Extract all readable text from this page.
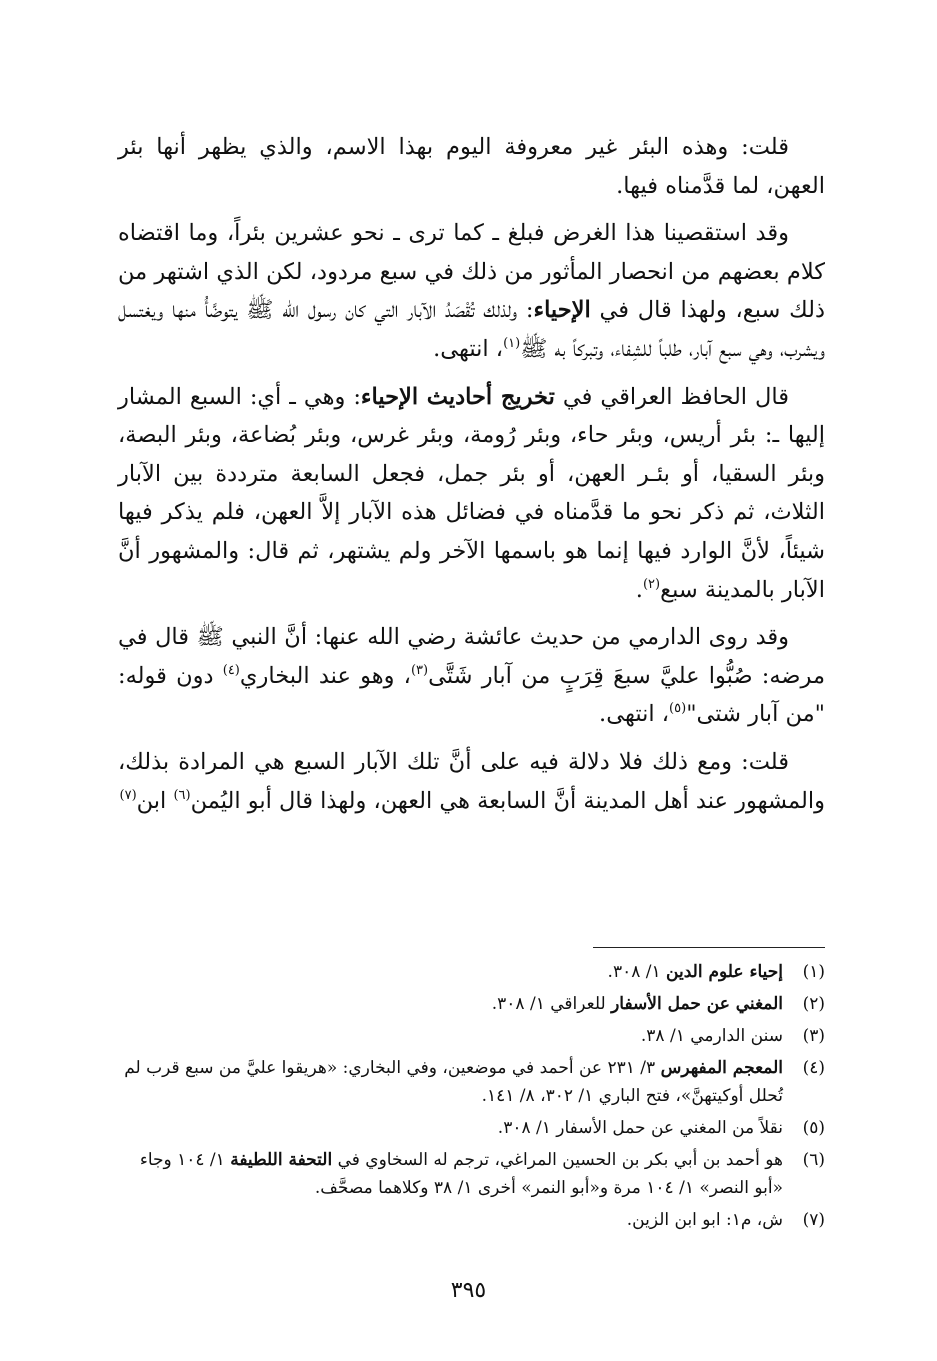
قلت: وهذه البئر غير معروفة اليوم بهذا الاسم، والذي يظهر أنها بئر العهن، لما قدَّمناه فيها.

وقد استقصينا هذا الغرض فبلغ ـ كما ترى ـ نحو عشرين بئراً، وما اقتضاه كلام بعضهم من انحصار المأثور من ذلك في سبع مردود، لكن الذي اشتهر من ذلك سبع، ولهذا قال في الإحياء: ولذلك تُقْصَدُ الآبار التي كان رسول الله ﷺ يتوضَّأُ منها ويغتسل ويشرب، وهي سبع آبار، طلباً للشِفاء، وتبركاً به ﷺ$^{(١)}$، انتهى.

قال الحافظ العراقي في تخريج أحاديث الإحياء: وهي ـ أي: السبع المشار إليها ـ: بئر أريس، وبئر حاء، وبئر رُومة، وبئر غرس، وبئر بُضاعة، وبئر البصة، وبئر السقيا، أو بئـر العهن، أو بئر جمل، فجعل السابعة مترددة بين الآبار الثلاث، ثم ذكر نحو ما قدَّمناه في فضائل هذه الآبار إلاَّ العهن، فلم يذكر فيها شيئاً، لأنَّ الوارد فيها إنما هو باسمها الآخر ولم يشتهر، ثم قال: والمشهور أنَّ الآبار بالمدينة سبع$^{(٢)}$.

وقد روى الدارمي من حديث عائشة رضي الله عنها: أنَّ النبي ﷺ قال في مرضه: صُبُّوا عليَّ سبعَ قِرَبٍ من آبار شَتَّى$^{(٣)}$، وهو عند البخاري$^{(٤)}$ دون قوله: "من آبار شتى"$^{(٥)}$، انتهى.

قلت: ومع ذلك فلا دلالة فيه على أنَّ تلك الآبار السبع هي المرادة بذلك، والمشهور عند أهل المدينة أنَّ السابعة هي العهن، ولهذا قال أبو اليُمن$^{(٦)}$ ابن$^{(٧)}$

(١)
إحياء علوم الدين ١/ ٣٠٨.
(٢)
المغني عن حمل الأسفار للعراقي ١/ ٣٠٨.
(٣)
سنن الدارمي ١/ ٣٨.
(٤)
المعجم المفهرس ٣/ ٢٣١ عن أحمد في موضعين، وفي البخاري: «هريقوا عليَّ من سبع قرب لم تُحلل أوكيتهنَّ»، فتح الباري ١/ ٣٠٢، ٨/ ١٤١.
(٥)
نقلاً من المغني عن حمل الأسفار ١/ ٣٠٨.
(٦)
هو أحمد بن أبي بكر بن الحسين المراغي، ترجم له السخاوي في التحفة اللطيفة ١/ ١٠٤ وجاء «أبو النصر» ١/ ١٠٤ مرة و«أبو النمر» أخرى ١/ ٣٨ وكلاهما مصحَّف.
(٧)
ش، م١: ابو ابن الزين.
٣٩٥
